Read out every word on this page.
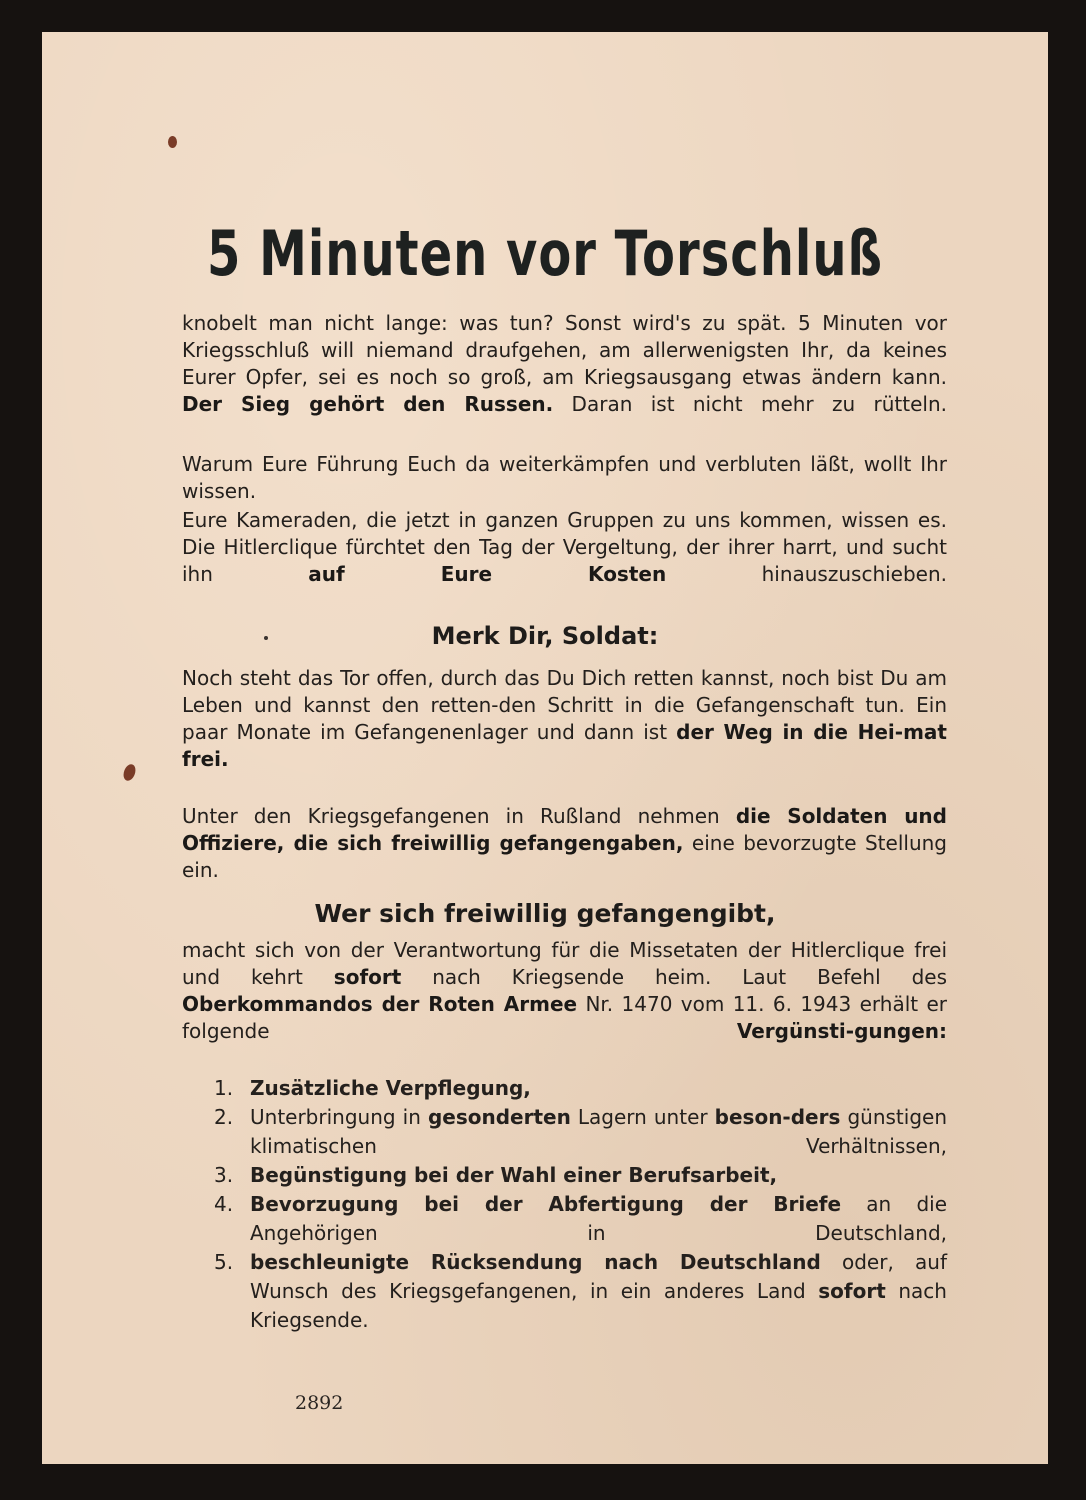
5 Minuten vor Torschluß
knobelt man nicht lange: was tun? Sonst wird's zu spät. 5 Minuten vor Kriegsschluß will niemand draufgehen, am allerwenigsten Ihr, da keines Eurer Opfer, sei es noch so groß, am Kriegsausgang etwas ändern kann. Der Sieg gehört den Russen. Daran ist nicht mehr zu rütteln.
Warum Eure Führung Euch da weiterkämpfen und verbluten läßt, wollt Ihr wissen.
Eure Kameraden, die jetzt in ganzen Gruppen zu uns kommen, wissen es. Die Hitlerclique fürchtet den Tag der Vergeltung, der ihrer harrt, und sucht ihn auf Eure Kosten hinauszuschieben.
Merk Dir, Soldat:
Noch steht das Tor offen, durch das Du Dich retten kannst, noch bist Du am Leben und kannst den retten-den Schritt in die Gefangenschaft tun. Ein paar Monate im Gefangenenlager und dann ist der Weg in die Hei-mat frei.
Unter den Kriegsgefangenen in Rußland nehmen die Soldaten und Offiziere, die sich freiwillig gefangengaben, eine bevorzugte Stellung ein.
Wer sich freiwillig gefangengibt,
macht sich von der Verantwortung für die Missetaten der Hitlerclique frei und kehrt sofort nach Kriegsende heim. Laut Befehl des Oberkommandos der Roten Armee Nr. 1470 vom 11. 6. 1943 erhält er folgende Vergünsti-gungen:
1. Zusätzliche Verpflegung,
2. Unterbringung in gesonderten Lagern unter beson-ders günstigen klimatischen Verhältnissen,
3. Begünstigung bei der Wahl einer Berufsarbeit,
4. Bevorzugung bei der Abfertigung der Briefe an die Angehörigen in Deutschland,
5. beschleunigte Rücksendung nach Deutschland oder, auf Wunsch des Kriegsgefangenen, in ein anderes Land sofort nach Kriegsende.
2892
